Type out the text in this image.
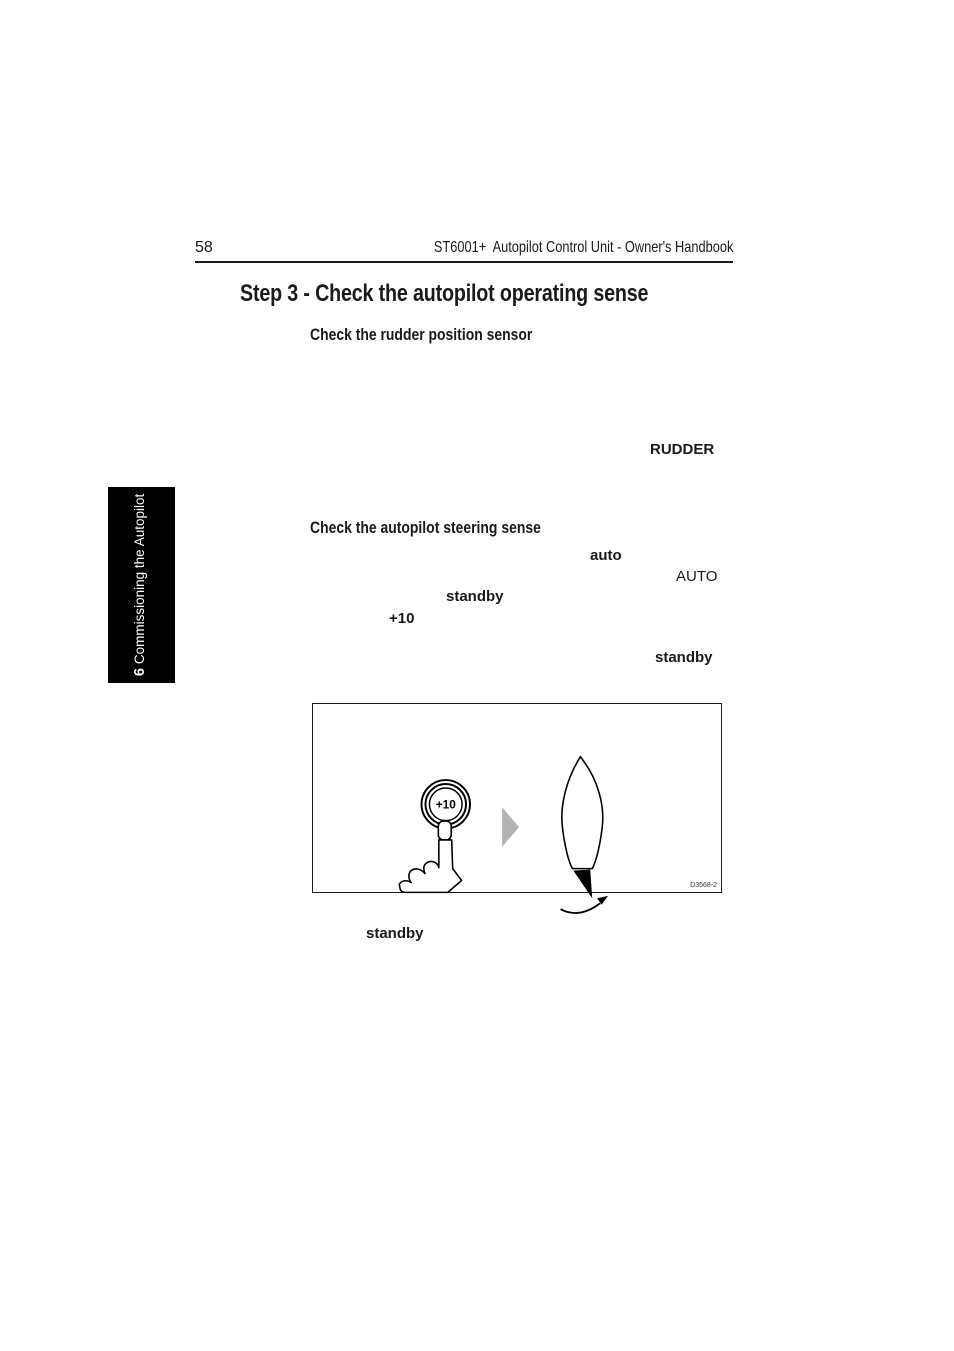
58	ST6001+  Autopilot Control Unit - Owner's Handbook
Step 3 - Check the autopilot operating sense
Check the rudder position sensor
RUDDER
6Commissioning the Autopilot	Check the autopilot steering sense
auto
AUTO
standby
+10
standby

+10

D3568-2

standby
